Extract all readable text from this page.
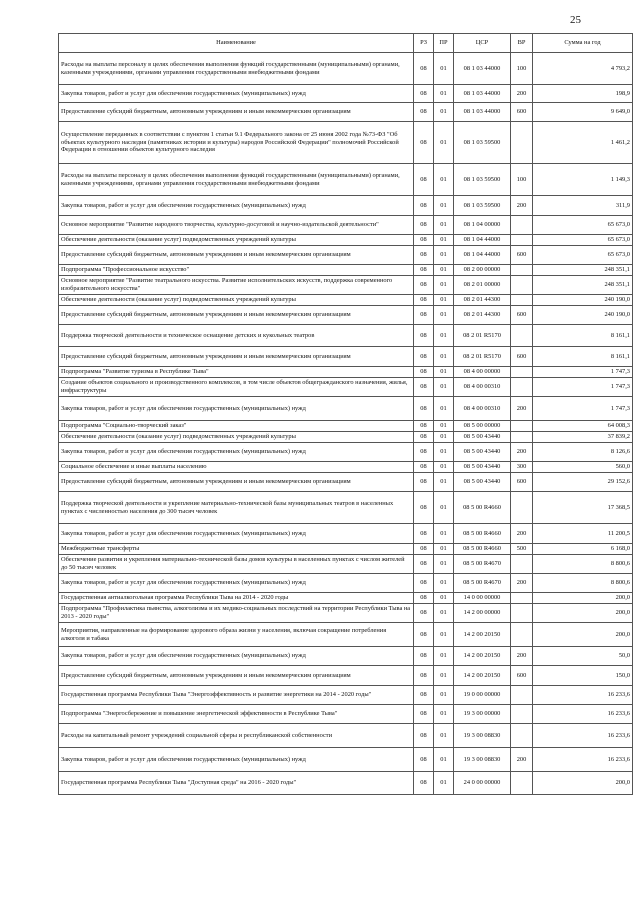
25
Наименование	РЗ	ПР	ЦСР	ВР	Сумма на год
Расходы на выплаты персоналу в целях обеспечения выполнения функций государственными (муниципальными) органами, казенными учреждениями, органами управления государственными внебюджетными фондами	08	01	08 1 03 44000	100	4 793,2
Закупка товаров, работ и услуг для обеспечения государственных (муниципальных) нужд	08	01	08 1 03 44000	200	198,9
Предоставление субсидий бюджетным, автономным учреждениям и иным некоммерческим организациям	08	01	08 1 03 44000	600	9 649,0
Осуществление переданных в соответствии с пунктом 1 статьи 9.1 Федерального закона от 25 июня 2002 года №73-ФЗ "Об объектах культурного наследия (памятниках истории и культуры) народов Российской Федерации" полномочий Российской Федерации в отношении объектов культурного наследия	08	01	08 1 03 59500		1 461,2
Расходы на выплаты персоналу в целях обеспечения выполнения функций государственными (муниципальными) органами, казенными учреждениями, органами управления государственными внебюджетными фондами	08	01	08 1 03 59500	100	1 149,3
Закупка товаров, работ и услуг для обеспечения государственных (муниципальных) нужд	08	01	08 1 03 59500	200	311,9
Основное мероприятие "Развитие народного творчества, культурно-досуговой и научно-издательской деятельности"	08	01	08 1 04 00000		65 673,0
Обеспечение деятельности (оказание услуг) подведомственных учреждений культуры	08	01	08 1 04 44000		65 673,0
Предоставление субсидий бюджетным, автономным учреждениям и иным некоммерческим организациям	08	01	08 1 04 44000	600	65 673,0
Подпрограмма "Профессиональное искусство"	08	01	08 2 00 00000		248 351,1
Основное мероприятие "Развитие театрального искусства. Развитие исполнительских искусств, поддержка современного изобразительного искусства"	08	01	08 2 01 00000		248 351,1
Обеспечение деятельности (оказание услуг) подведомственных учреждений культуры	08	01	08 2 01 44300		240 190,0
Предоставление субсидий бюджетным, автономным учреждениям и иным некоммерческим организациям	08	01	08 2 01 44300	600	240 190,0
Поддержка творческой деятельности и техническое оснащение детских и кукольных театров	08	01	08 2 01 R5170		8 161,1
Предоставление субсидий бюджетным, автономным учреждениям и иным некоммерческим организациям	08	01	08 2 01 R5170	600	8 161,1
Подпрограмма "Развитие туризма в Республике Тыва"	08	01	08 4 00 00000		1 747,3
Создание объектов социального и производственного комплексов, в том числе объектов общегражданского назначения, жилья, инфраструктуры	08	01	08 4 00 00310		1 747,3
Закупка товаров, работ и услуг для обеспечения государственных (муниципальных) нужд	08	01	08 4 00 00310	200	1 747,3
Подпрограмма "Социально-творческий заказ"	08	01	08 5 00 00000		64 008,3
Обеспечение деятельности (оказание услуг) подведомственных учреждений культуры	08	01	08 5 00 43440		37 839,2
Закупка товаров, работ и услуг для обеспечения государственных (муниципальных) нужд	08	01	08 5 00 43440	200	8 126,6
Социальное обеспечение и иные выплаты населению	08	01	08 5 00 43440	300	560,0
Предоставление субсидий бюджетным, автономным учреждениям и иным некоммерческим организациям	08	01	08 5 00 43440	600	29 152,6
Поддержка творческой деятельности и укрепление материально-технической базы муниципальных театров в населенных пунктах с численностью населения до 300 тысяч человек	08	01	08 5 00 R4660		17 368,5
Закупка товаров, работ и услуг для обеспечения государственных (муниципальных) нужд	08	01	08 5 00 R4660	200	11 200,5
Межбюджетные трансферты	08	01	08 5 00 R4660	500	6 168,0
Обеспечение развития и укрепления материально-технической базы домов культуры в населенных пунктах с числом жителей до 50 тысяч человек	08	01	08 5 00 R4670		8 800,6
Закупка товаров, работ и услуг для обеспечения государственных (муниципальных) нужд	08	01	08 5 00 R4670	200	8 800,6
Государственная антиалкогольная программа Республики Тыва на 2014 - 2020 годы	08	01	14 0 00 00000		200,0
Подпрограмма "Профилактика пьянства, алкоголизма и их медико-социальных последствий на территории Республики Тыва на 2013 - 2020 годы"	08	01	14 2 00 00000		200,0
Мероприятия, направленные на формирование здорового образа жизни у населения, включая сокращение потребления алкоголя и табака	08	01	14 2 00 20150		200,0
Закупка товаров, работ и услуг для обеспечения государственных (муниципальных) нужд	08	01	14 2 00 20150	200	50,0
Предоставление субсидий бюджетным, автономным учреждениям и иным некоммерческим организациям	08	01	14 2 00 20150	600	150,0
Государственная программа Республики Тыва "Энергоэффективность и развитие энергетики на 2014 - 2020 годы"	08	01	19 0 00 00000		16 233,6
Подпрограмма "Энергосбережение и повышение энергетической эффективности в Республике Тыва"	08	01	19 3 00 00000		16 233,6
Расходы на капитальный ремонт учреждений социальной сферы и республиканской собственности	08	01	19 3 00 08830		16 233,6
Закупка товаров, работ и услуг для обеспечения государственных (муниципальных) нужд	08	01	19 3 00 08830	200	16 233,6
Государственная программа Республики Тыва "Доступная среда" на 2016 - 2020 годы"	08	01	24 0 00 00000		200,0
